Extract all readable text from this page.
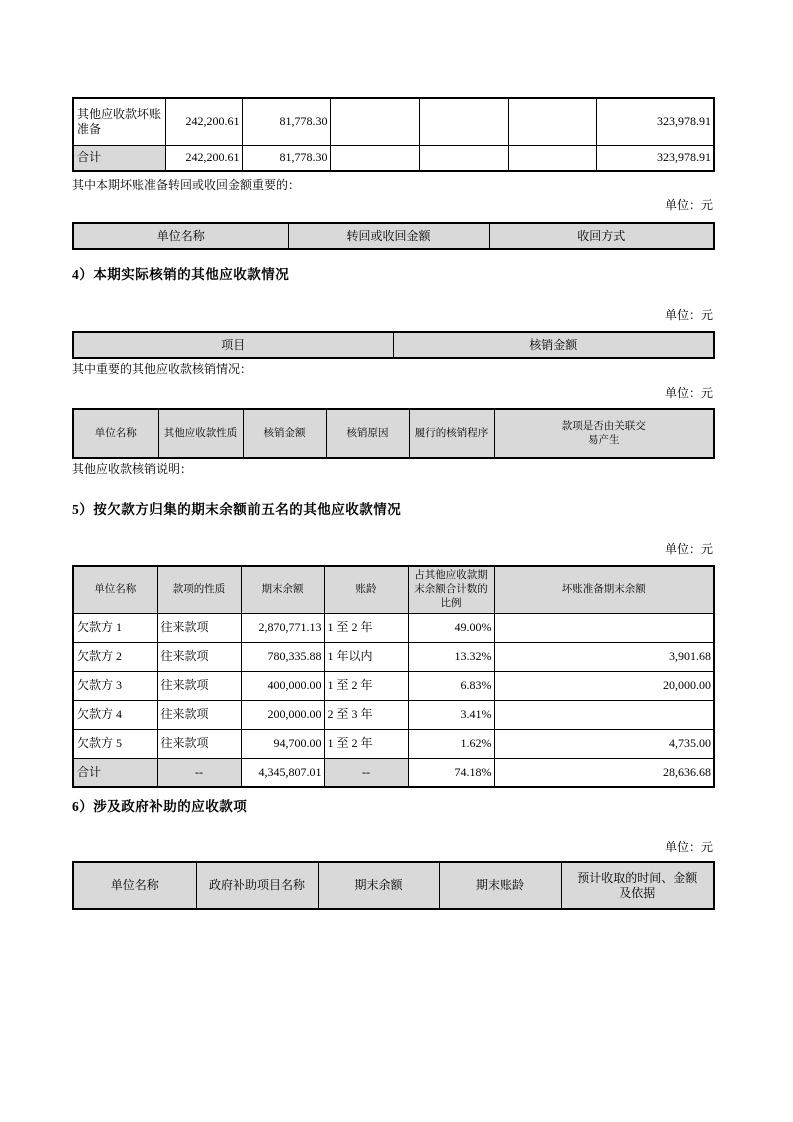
其他应收款坏账准备	242,200.61	81,778.30				323,978.91
合计	242,200.61	81,778.30				323,978.91
其中本期坏账准备转回或收回金额重要的：
单位：元
单位名称	转回或收回金额	收回方式
4）本期实际核销的其他应收款情况
单位：元
项目	核销金额
其中重要的其他应收款核销情况：
单位：元
单位名称	其他应收款性质	核销金额	核销原因	履行的核销程序	款项是否由关联交易产生
其他应收款核销说明：
5）按欠款方归集的期末余额前五名的其他应收款情况
单位：元
单位名称	款项的性质	期末余额	账龄	占其他应收款期末余额合计数的比例	坏账准备期末余额
欠款方 1	往来款项	2,870,771.13	1 至 2 年	49.00%	
欠款方 2	往来款项	780,335.88	1 年以内	13.32%	3,901.68
欠款方 3	往来款项	400,000.00	1 至 2 年	6.83%	20,000.00
欠款方 4	往来款项	200,000.00	2 至 3 年	3.41%	
欠款方 5	往来款项	94,700.00	1 至 2 年	1.62%	4,735.00
合计	--	4,345,807.01	--	74.18%	28,636.68
6）涉及政府补助的应收款项
单位：元
单位名称	政府补助项目名称	期末余额	期末账龄	预计收取的时间、金额及依据
